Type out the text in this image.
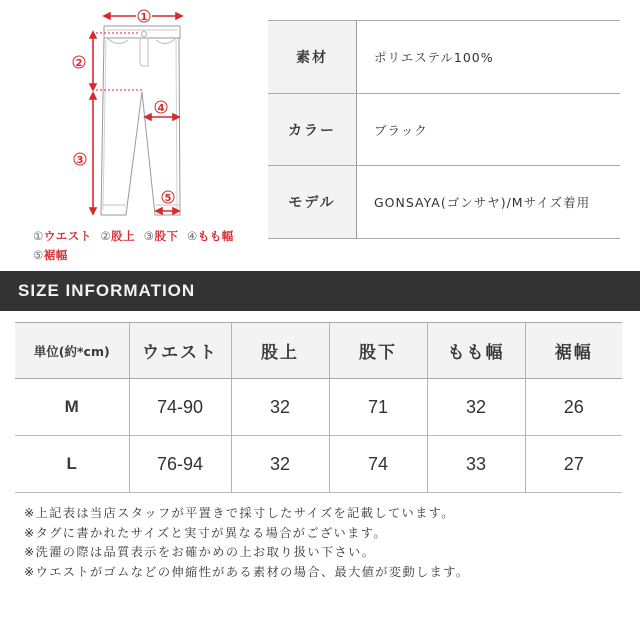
1
2
3
4
5
①ウエスト ②股上 ③股下 ④もも幅
⑤裾幅
素材	ポリエステル100%
カラー	ブラック
モデル	GONSAYA(ゴンサヤ)/Mサイズ着用
SIZE INFORMATION
単位(約*cm)	ウエスト	股上	股下	もも幅	裾幅
M	74-90	32	71	32	26
L	76-94	32	74	33	27
※上記表は当店スタッフが平置きで採寸したサイズを記載しています。
※タグに書かれたサイズと実寸が異なる場合がございます。
※洗濯の際は品質表示をお確かめの上お取り扱い下さい。
※ウエストがゴムなどの伸縮性がある素材の場合、最大値が変動します。
